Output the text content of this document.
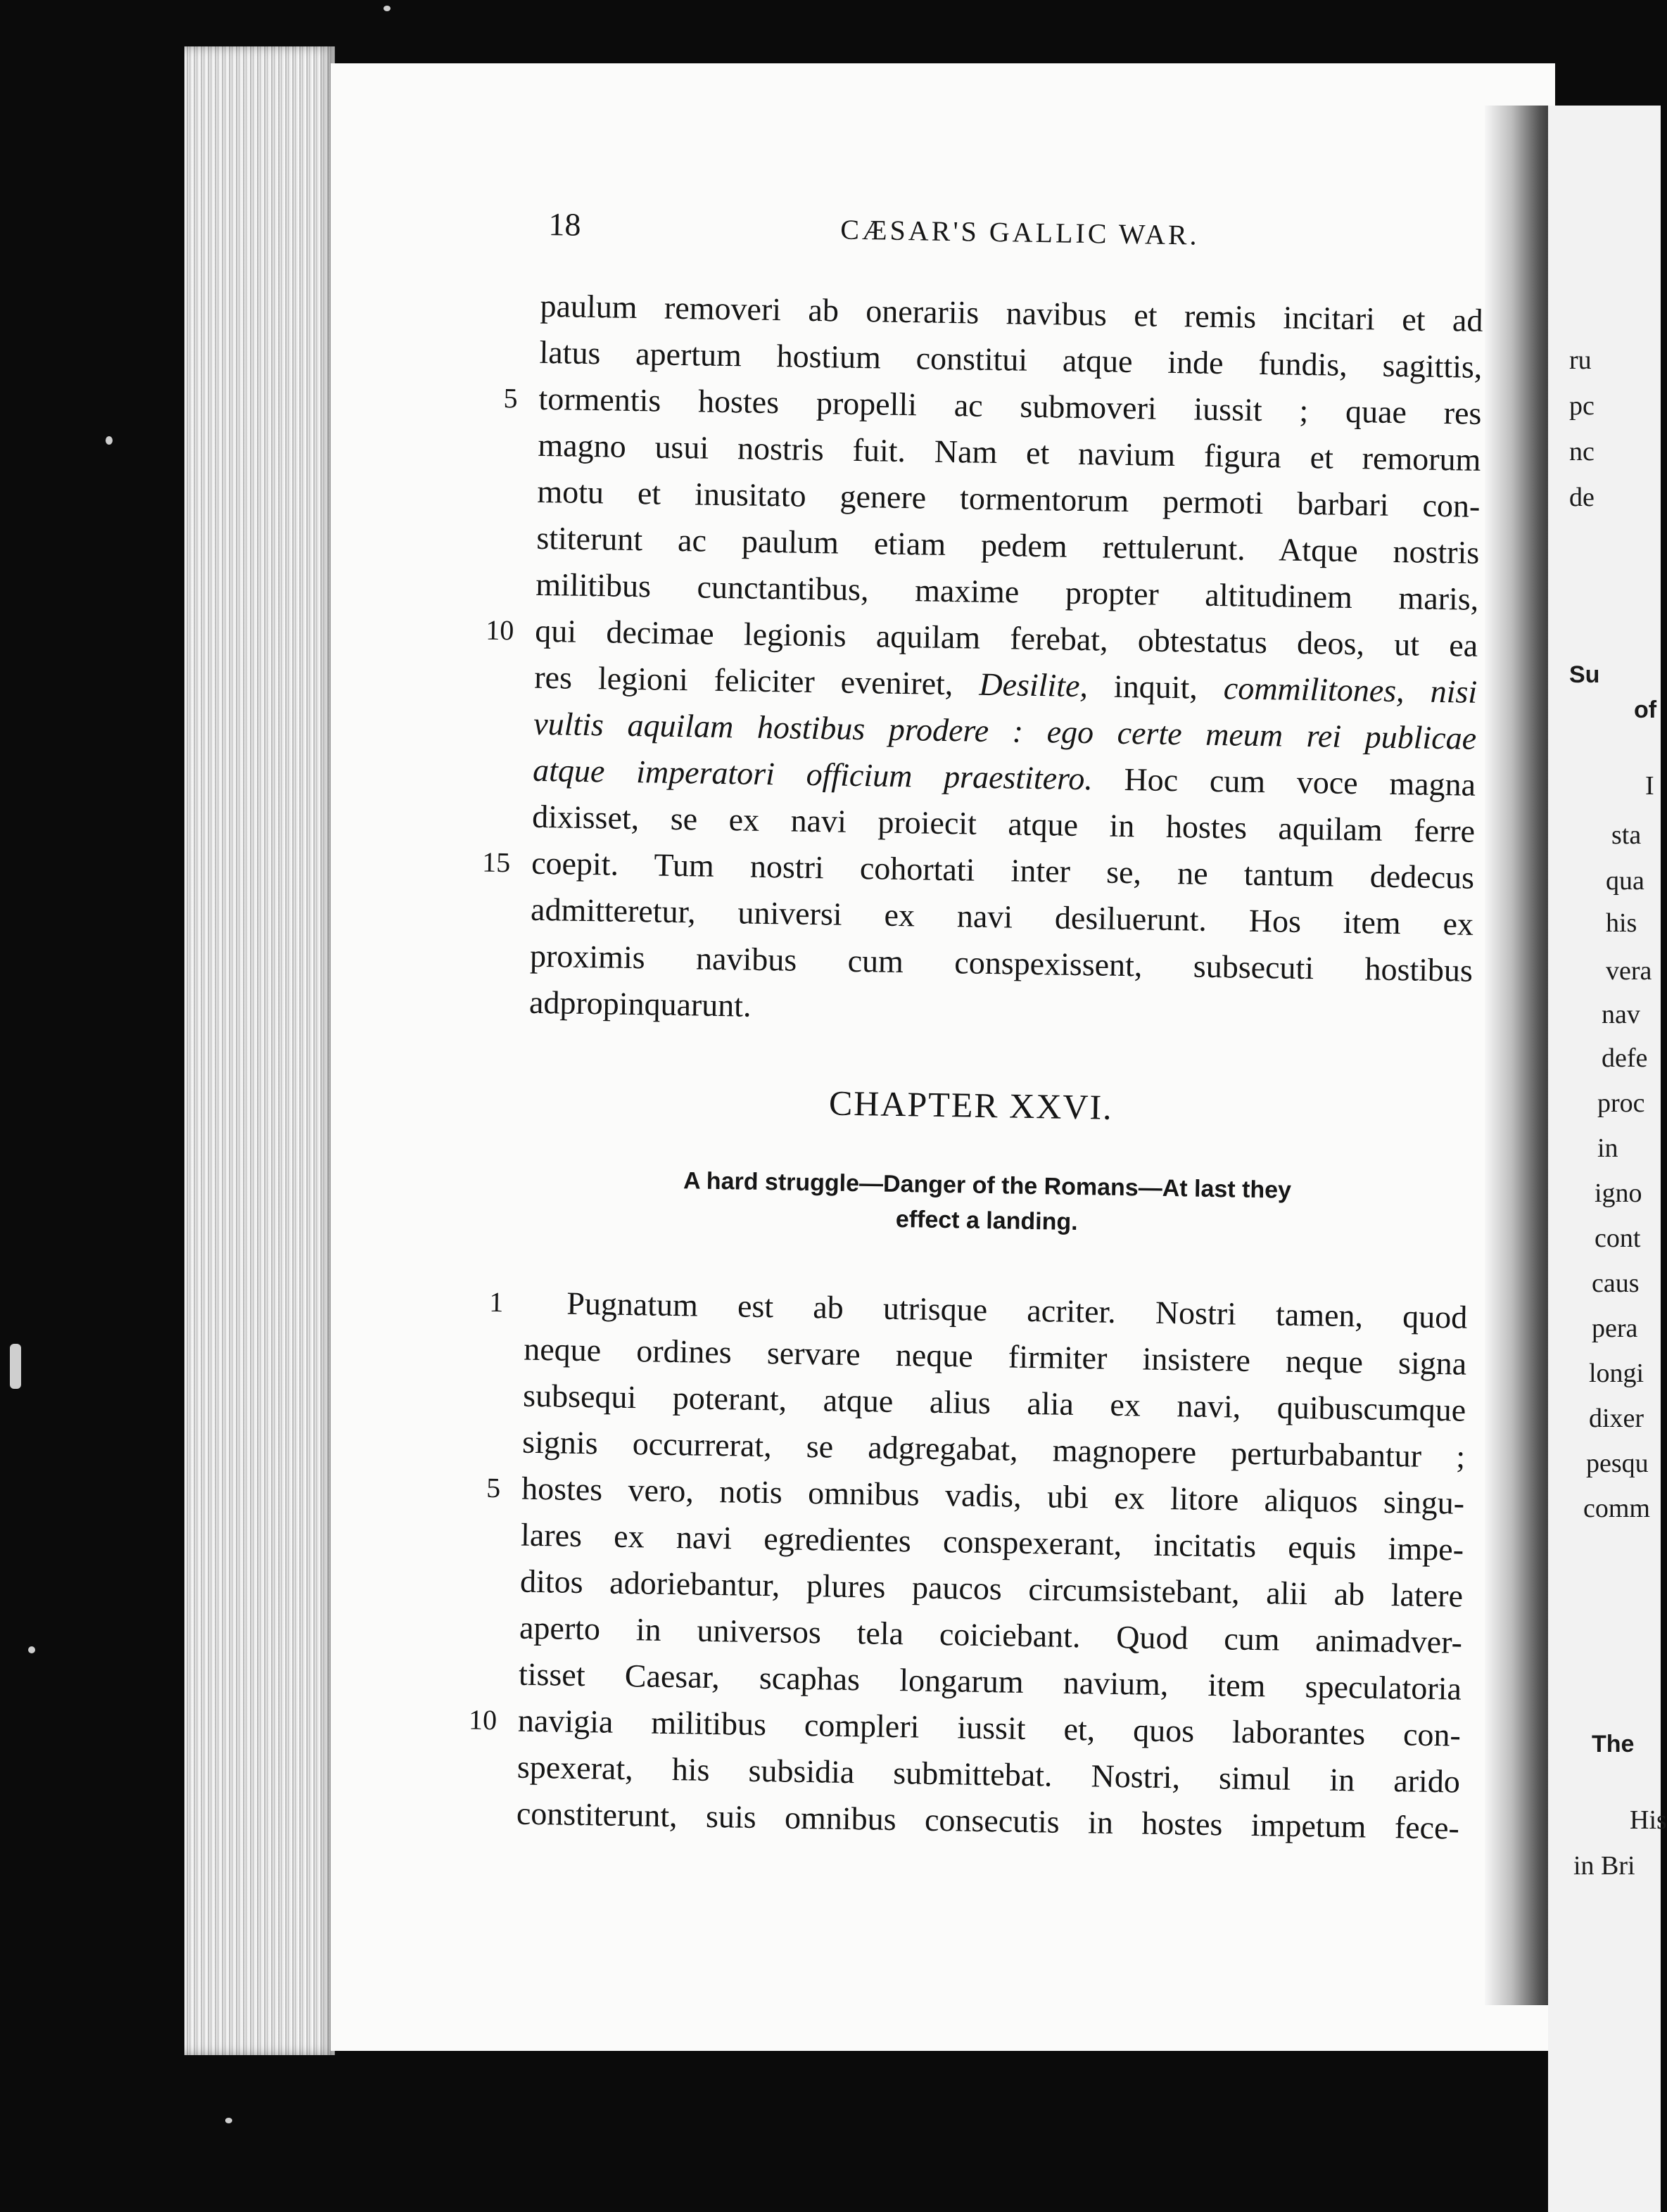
18	CÆSAR'S GALLIC WAR.
5
10
15
paulum removeri ab onerariis navibus et remis incitari et ad
latus apertum hostium constitui atque inde fundis, sagittis,
tormentis hostes propelli ac submoveri iussit ; quae res
magno usui nostris fuit. Nam et navium figura et remorum
motu et inusitato genere tormentorum permoti barbari con-
stiterunt ac paulum etiam pedem rettulerunt. Atque nostris
militibus cunctantibus, maxime propter altitudinem maris,
qui decimae legionis aquilam ferebat, obtestatus deos, ut ea
res legioni feliciter eveniret, Desilite, inquit, commilitones, nisi
vultis aquilam hostibus prodere : ego certe meum rei publicae
atque imperatori officium praestitero. Hoc cum voce magna
dixisset, se ex navi proiecit atque in hostes aquilam ferre
coepit. Tum nostri cohortati inter se, ne tantum dedecus
admitteretur, universi ex navi desiluerunt. Hos item ex
proximis navibus cum conspexissent, subsecuti hostibus
adpropinquarunt.
CHAPTER XXVI.
A hard struggle—Danger of the Romans—At last they
effect a landing.
1
5
10
Pugnatum est ab utrisque acriter. Nostri tamen, quod
neque ordines servare neque firmiter insistere neque signa
subsequi poterant, atque alius alia ex navi, quibuscumque
signis occurrerat, se adgregabat, magnopere perturbabantur ;
hostes vero, notis omnibus vadis, ubi ex litore aliquos singu-
lares ex navi egredientes conspexerant, incitatis equis impe-
ditos adoriebantur, plures paucos circumsistebant, alii ab latere
aperto in universos tela coiciebant. Quod cum animadver-
tisset Caesar, scaphas longarum navium, item speculatoria
navigia militibus compleri iussit et, quos laborantes con-
spexerat, his subsidia submittebat. Nostri, simul in arido
constiterunt, suis omnibus consecutis in hostes impetum fece-
ru
pc
nc
de
Su
of
I
sta
qua
his
vera
nav
defe
proc
in
igno
cont
caus
pera
longi
dixer
pesqu
comm
The
His
in Bri
